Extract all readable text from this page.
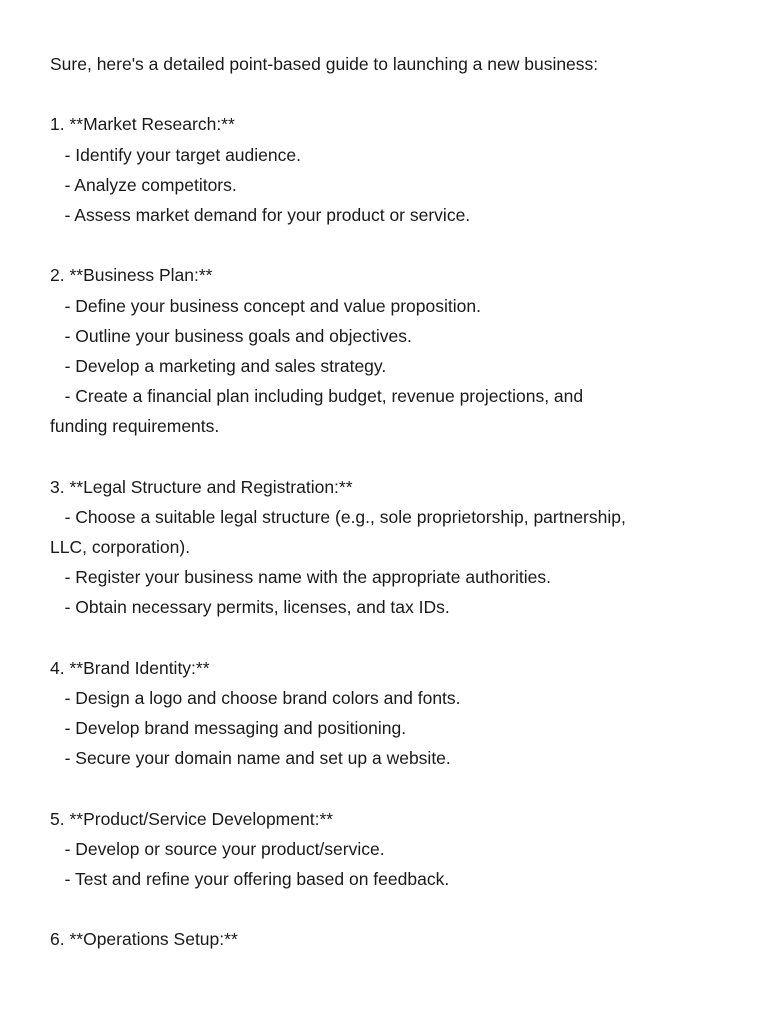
Sure, here's a detailed point-based guide to launching a new business:
1. **Market Research:**
- Identify your target audience.
- Analyze competitors.
- Assess market demand for your product or service.
2. **Business Plan:**
- Define your business concept and value proposition.
- Outline your business goals and objectives.
- Develop a marketing and sales strategy.
- Create a financial plan including budget, revenue projections, and
funding requirements.
3. **Legal Structure and Registration:**
- Choose a suitable legal structure (e.g., sole proprietorship, partnership,
LLC, corporation).
- Register your business name with the appropriate authorities.
- Obtain necessary permits, licenses, and tax IDs.
4. **Brand Identity:**
- Design a logo and choose brand colors and fonts.
- Develop brand messaging and positioning.
- Secure your domain name and set up a website.
5. **Product/Service Development:**
- Develop or source your product/service.
- Test and refine your offering based on feedback.
6. **Operations Setup:**
